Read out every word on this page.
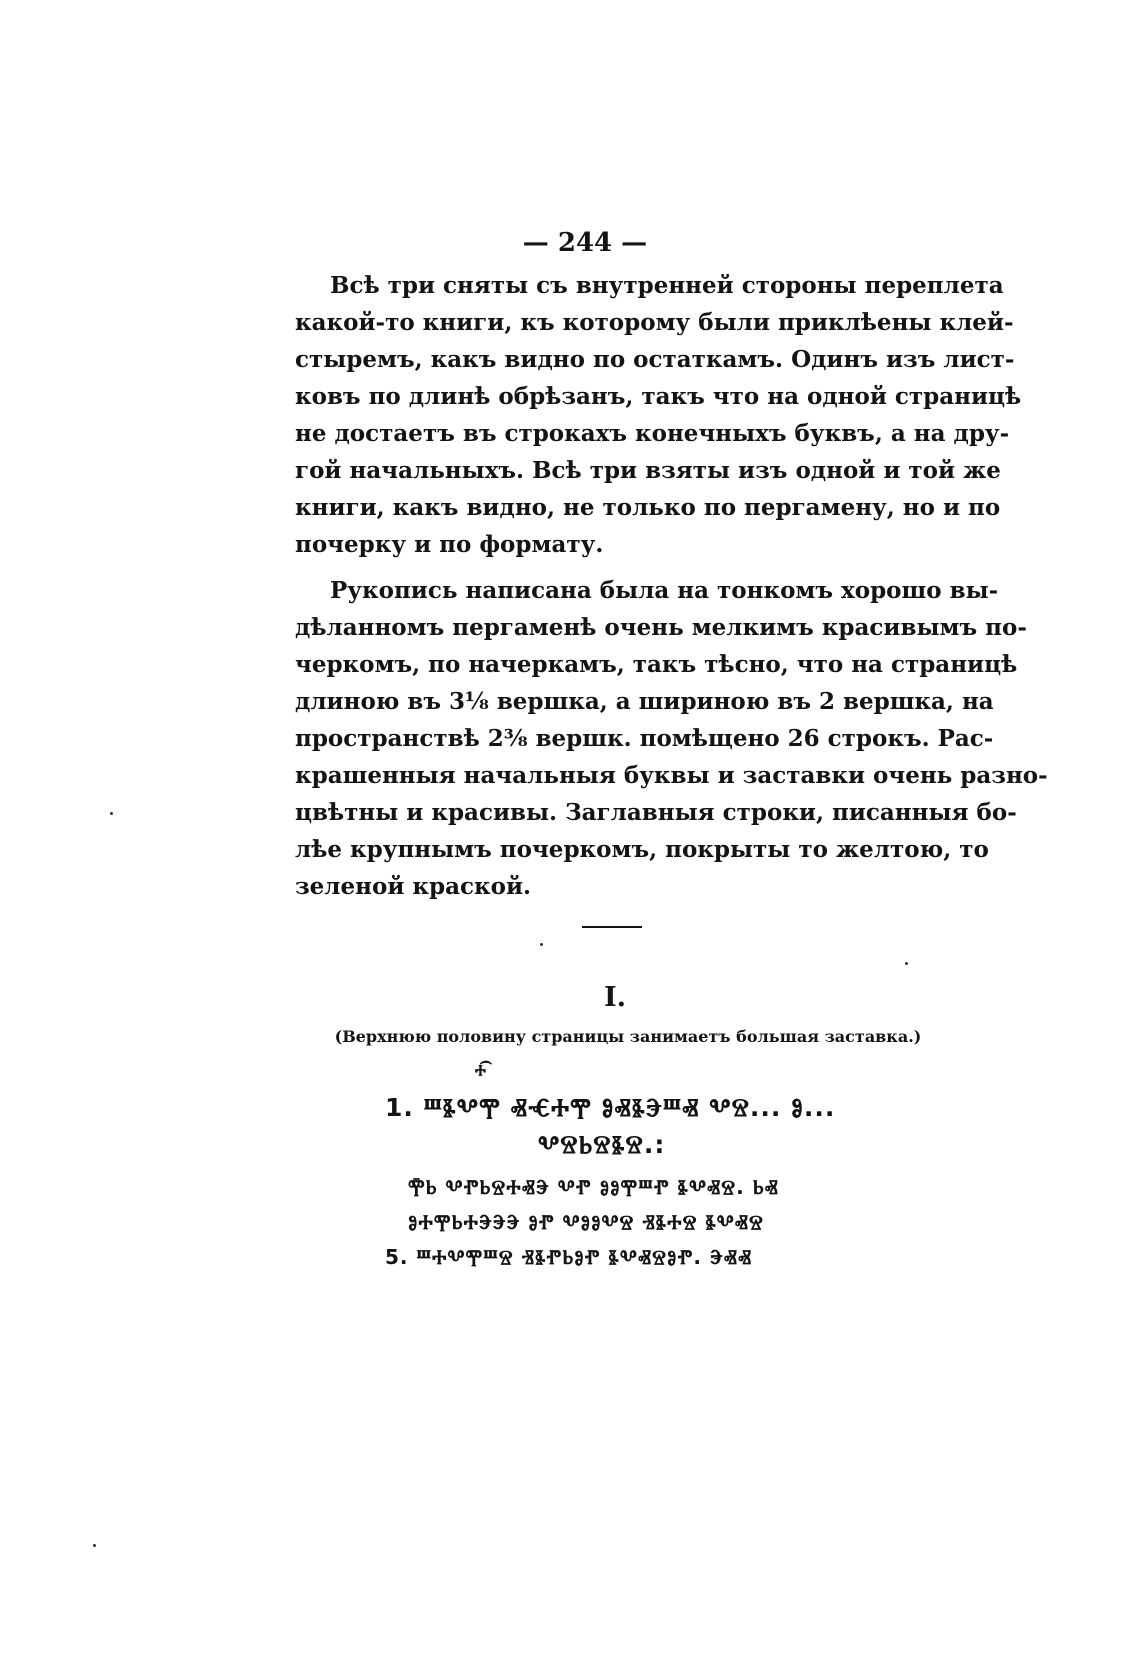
— 244 —
Всѣ три сняты съ внутренней стороны переплета
какой-то книги, къ которому были приклѣены клей-
стыремъ, какъ видно по остаткамъ. Одинъ изъ лист-
ковъ по длинѣ обрѣзанъ, такъ что на одной страницѣ
не достаетъ въ строкахъ конечныхъ буквъ, а на дру-
гой начальныхъ. Всѣ три взяты изъ одной и той же
книги, какъ видно, не только по пергамену, но и по
почерку и по формату.
Рукопись написана была на тонкомъ хорошо вы-
дѣланномъ пергаменѣ очень мелкимъ красивымъ по-
черкомъ, по начеркамъ, такъ тѣсно, что на страницѣ
длиною въ 3⅛ вершка, а шириною въ 2 вершка, на
пространствѣ 2⅜ вершк. помѣщено 26 строкъ. Рас-
крашенныя начальныя буквы и заставки очень разно-
цвѣтны и красивы. Заглавныя строки, писанныя бо-
лѣе крупнымъ почеркомъ, покрыты то желтою, то
зеленой краской.
I.
(Верхнюю половину страницы занимаетъ большая заставка.)
ⰰ͡
1. ⰞⰫⰂⰉ ⰟⰥⰀⰉ ⰑⰟⰫⰅⰞⰟ ⰂⰔ... Ⱁ...
ⰂⰔⰓⰔⰫⰔ.:
Ⰹ̄Ⱃ ⰂⰒⰓⰔⰀⰟⰅ ⰂⰒ ⰑⰑⰉⰞⰒ ⰫⰂⰟⰔ. ⰓⰟ
ⰑⰀⰉⰓⰀⰅⰅⰅ ⰑⰒ ⰂⰑⰑⰂⰔ ⰠⰫⰀⰔ ⰫⰂⰟⰔ
5. ⰞⰀⰂⰉⰞⰔ ⰠⰫⰒⰓⰑⰒ ⰫⰂⰟⰔⰑⰒ. ⰅⰟⰟ
